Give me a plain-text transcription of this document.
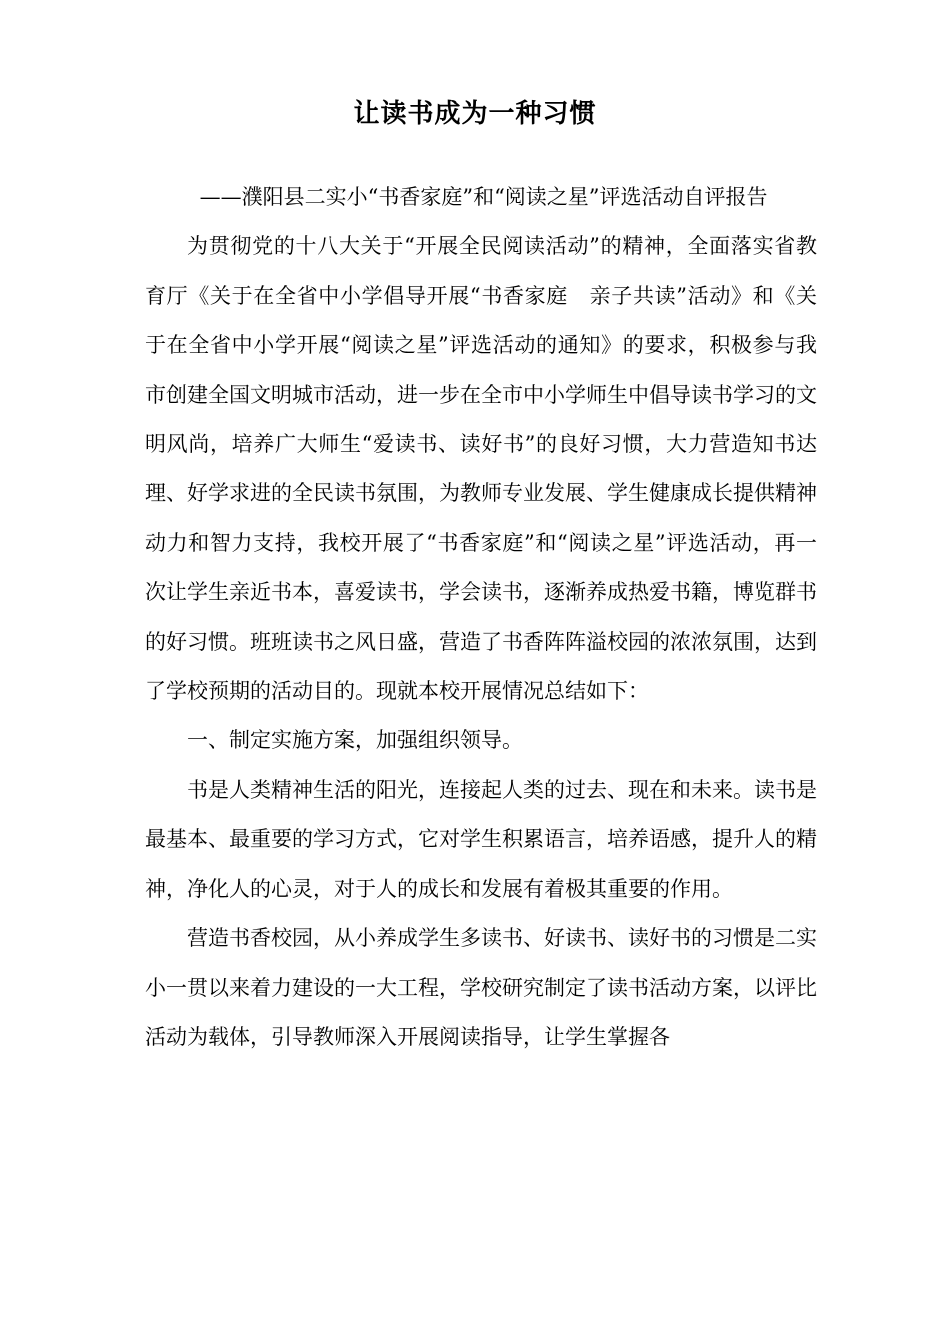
让读书成为一种习惯

——濮阳县二实小“书香家庭”和“阅读之星”评选活动自评报告

为贯彻党的十八大关于“开展全民阅读活动”的精神，全面落实省教育厅《关于在全省中小学倡导开展“书香家庭　亲子共读”活动》和《关于在全省中小学开展“阅读之星”评选活动的通知》的要求，积极参与我市创建全国文明城市活动，进一步在全市中小学师生中倡导读书学习的文明风尚，培养广大师生“爱读书、读好书”的良好习惯，大力营造知书达理、好学求进的全民读书氛围，为教师专业发展、学生健康成长提供精神动力和智力支持，我校开展了“书香家庭”和“阅读之星”评选活动，再一次让学生亲近书本，喜爱读书，学会读书，逐渐养成热爱书籍，博览群书的好习惯。班班读书之风日盛，营造了书香阵阵溢校园的浓浓氛围，达到了学校预期的活动目的。现就本校开展情况总结如下：

一、制定实施方案，加强组织领导。

书是人类精神生活的阳光，连接起人类的过去、现在和未来。读书是最基本、最重要的学习方式，它对学生积累语言，培养语感，提升人的精神，净化人的心灵，对于人的成长和发展有着极其重要的作用。

营造书香校园，从小养成学生多读书、好读书、读好书的习惯是二实小一贯以来着力建设的一大工程，学校研究制定了读书活动方案，以评比活动为载体，引导教师深入开展阅读指导，让学生掌握各
